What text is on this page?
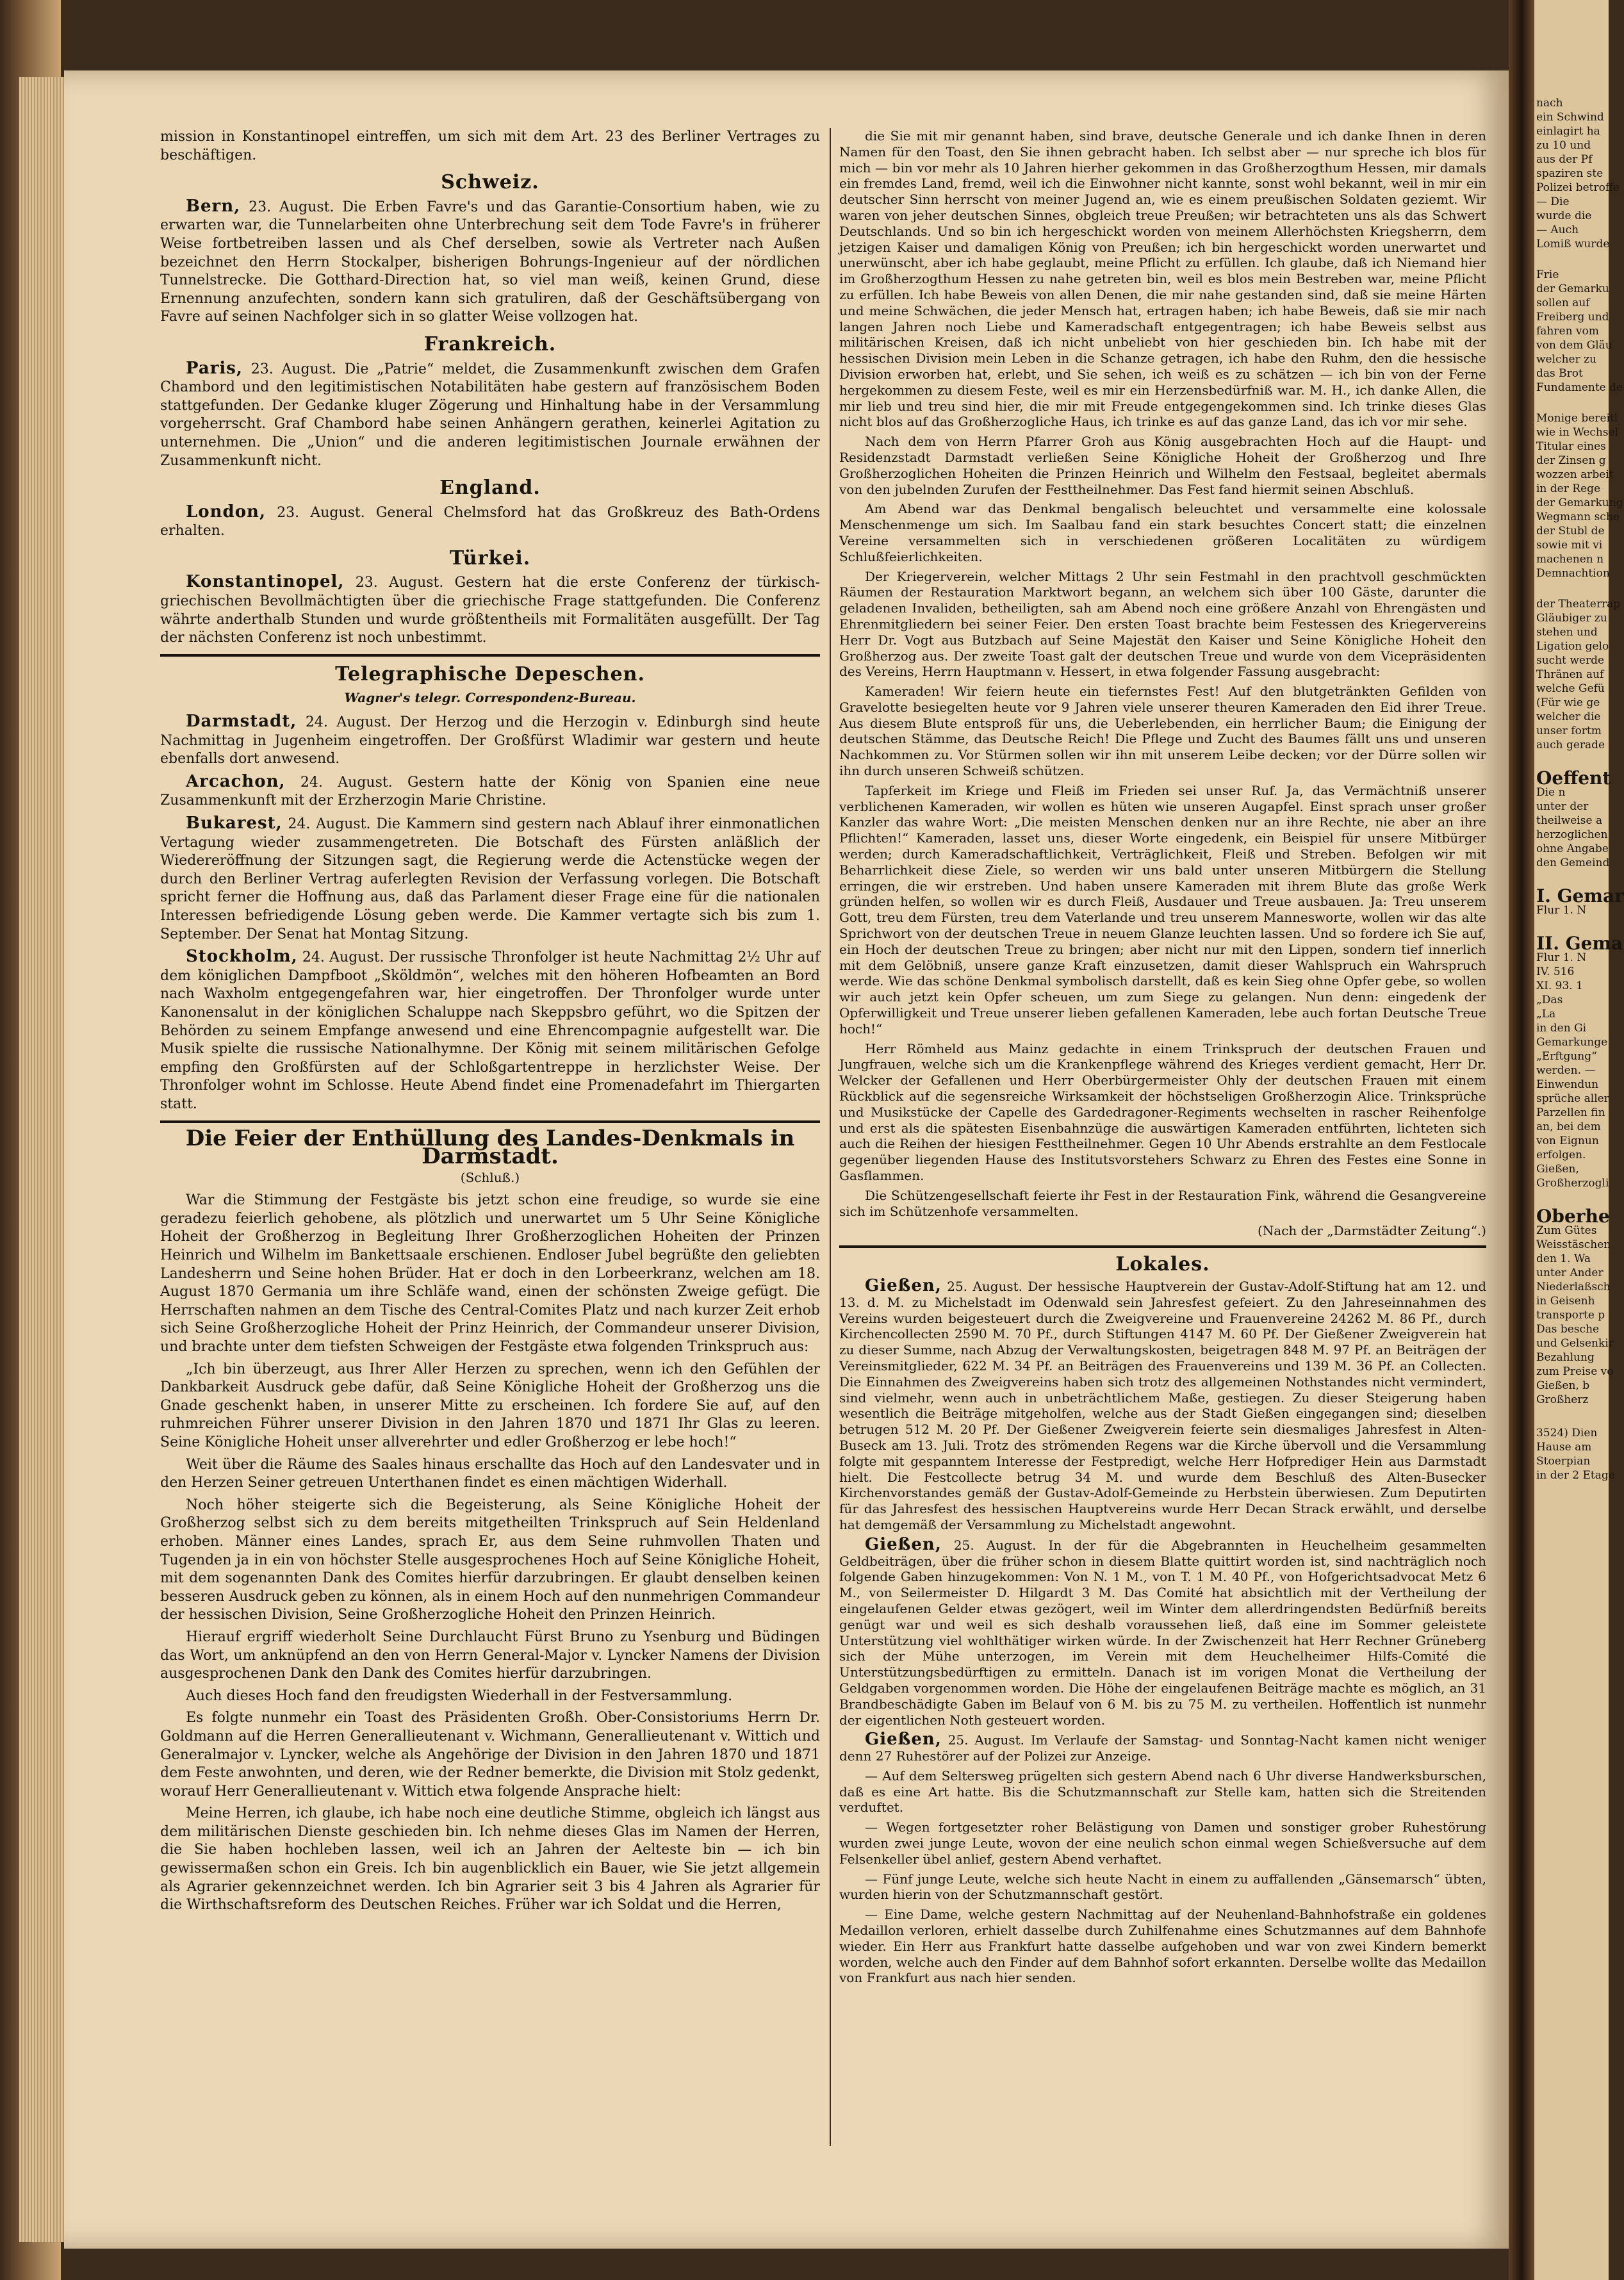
mission in Konstantinopel eintreffen, um sich mit dem Art. 23 des Berliner Vertrages zu beschäftigen.

Schweiz.

Bern, 23. August. Die Erben Favre's und das Garantie-Consortium haben, wie zu erwarten war, die Tunnelarbeiten ohne Unterbrechung seit dem Tode Favre's in früherer Weise fortbetreiben lassen und als Chef derselben, sowie als Vertreter nach Außen bezeichnet den Herrn Stockalper, bisherigen Bohrungs-Ingenieur auf der nördlichen Tunnelstrecke. Die Gotthard-Direction hat, so viel man weiß, keinen Grund, diese Ernennung anzufechten, sondern kann sich gratuliren, daß der Geschäftsübergang von Favre auf seinen Nachfolger sich in so glatter Weise vollzogen hat.

Frankreich.

Paris, 23. August. Die „Patrie“ meldet, die Zusammenkunft zwischen dem Grafen Chambord und den legitimistischen Notabilitäten habe gestern auf französischem Boden stattgefunden. Der Gedanke kluger Zögerung und Hinhaltung habe in der Versammlung vorgeherrscht. Graf Chambord habe seinen Anhängern gerathen, keinerlei Agitation zu unternehmen. Die „Union“ und die anderen legitimistischen Journale erwähnen der Zusammenkunft nicht.

England.

London, 23. August. General Chelmsford hat das Großkreuz des Bath-Ordens erhalten.

Türkei.

Konstantinopel, 23. August. Gestern hat die erste Conferenz der türkisch-griechischen Bevollmächtigten über die griechische Frage stattgefunden. Die Conferenz währte anderthalb Stunden und wurde größtentheils mit Formalitäten ausgefüllt. Der Tag der nächsten Conferenz ist noch unbestimmt.

Telegraphische Depeschen.
Wagner's telegr. Correspondenz-Bureau.

Darmstadt, 24. August. Der Herzog und die Herzogin v. Edinburgh sind heute Nachmittag in Jugenheim eingetroffen. Der Großfürst Wladimir war gestern und heute ebenfalls dort anwesend.

Arcachon, 24. August. Gestern hatte der König von Spanien eine neue Zusammenkunft mit der Erzherzogin Marie Christine.

Bukarest, 24. August. Die Kammern sind gestern nach Ablauf ihrer einmonatlichen Vertagung wieder zusammengetreten. Die Botschaft des Fürsten anläßlich der Wiedereröffnung der Sitzungen sagt, die Regierung werde die Actenstücke wegen der durch den Berliner Vertrag auferlegten Revision der Verfassung vorlegen. Die Botschaft spricht ferner die Hoffnung aus, daß das Parlament dieser Frage eine für die nationalen Interessen befriedigende Lösung geben werde. Die Kammer vertagte sich bis zum 1. September. Der Senat hat Montag Sitzung.

Stockholm, 24. August. Der russische Thronfolger ist heute Nachmittag 2½ Uhr auf dem königlichen Dampfboot „Sköldmön“, welches mit den höheren Hofbeamten an Bord nach Waxholm entgegengefahren war, hier eingetroffen. Der Thronfolger wurde unter Kanonensalut in der königlichen Schaluppe nach Skeppsbro geführt, wo die Spitzen der Behörden zu seinem Empfange anwesend und eine Ehrencompagnie aufgestellt war. Die Musik spielte die russische Nationalhymne. Der König mit seinem militärischen Gefolge empfing den Großfürsten auf der Schloßgartentreppe in herzlichster Weise. Der Thronfolger wohnt im Schlosse. Heute Abend findet eine Promenadefahrt im Thiergarten statt.

Die Feier der Enthüllung des Landes-Denkmals in Darmstadt.
(Schluß.)

War die Stimmung der Festgäste bis jetzt schon eine freudige, so wurde sie eine geradezu feierlich gehobene, als plötzlich und unerwartet um 5 Uhr Seine Königliche Hoheit der Großherzog in Begleitung Ihrer Großherzoglichen Hoheiten der Prinzen Heinrich und Wilhelm im Bankettsaale erschienen. Endloser Jubel begrüßte den geliebten Landesherrn und Seine hohen Brüder. Hat er doch in den Lorbeerkranz, welchen am 18. August 1870 Germania um ihre Schläfe wand, einen der schönsten Zweige gefügt. Die Herrschaften nahmen an dem Tische des Central-Comites Platz und nach kurzer Zeit erhob sich Seine Großherzogliche Hoheit der Prinz Heinrich, der Commandeur unserer Division, und brachte unter dem tiefsten Schweigen der Festgäste etwa folgenden Trinkspruch aus:

„Ich bin überzeugt, aus Ihrer Aller Herzen zu sprechen, wenn ich den Gefühlen der Dankbarkeit Ausdruck gebe dafür, daß Seine Königliche Hoheit der Großherzog uns die Gnade geschenkt haben, in unserer Mitte zu erscheinen. Ich fordere Sie auf, auf den ruhmreichen Führer unserer Division in den Jahren 1870 und 1871 Ihr Glas zu leeren. Seine Königliche Hoheit unser allverehrter und edler Großherzog er lebe hoch!“

Weit über die Räume des Saales hinaus erschallte das Hoch auf den Landesvater und in den Herzen Seiner getreuen Unterthanen findet es einen mächtigen Widerhall.

Noch höher steigerte sich die Begeisterung, als Seine Königliche Hoheit der Großherzog selbst sich zu dem bereits mitgetheilten Trinkspruch auf Sein Heldenland erhoben. Männer eines Landes, sprach Er, aus dem Seine ruhmvollen Thaten und Tugenden ja in ein von höchster Stelle ausgesprochenes Hoch auf Seine Königliche Hoheit, mit dem sogenannten Dank des Comites hierfür darzubringen. Er glaubt denselben keinen besseren Ausdruck geben zu können, als in einem Hoch auf den nunmehrigen Commandeur der hessischen Division, Seine Großherzogliche Hoheit den Prinzen Heinrich.

Hierauf ergriff wiederholt Seine Durchlaucht Fürst Bruno zu Ysenburg und Büdingen das Wort, um anknüpfend an den von Herrn General-Major v. Lyncker Namens der Division ausgesprochenen Dank den Dank des Comites hierfür darzubringen.

Auch dieses Hoch fand den freudigsten Wiederhall in der Festversammlung.

Es folgte nunmehr ein Toast des Präsidenten Großh. Ober-Consistoriums Herrn Dr. Goldmann auf die Herren Generallieutenant v. Wichmann, Generallieutenant v. Wittich und Generalmajor v. Lyncker, welche als Angehörige der Division in den Jahren 1870 und 1871 dem Feste anwohnten, und deren, wie der Redner bemerkte, die Division mit Stolz gedenkt, worauf Herr Generallieutenant v. Wittich etwa folgende Ansprache hielt:

Meine Herren, ich glaube, ich habe noch eine deutliche Stimme, obgleich ich längst aus dem militärischen Dienste geschieden bin. Ich nehme dieses Glas im Namen der Herren, die Sie haben hochleben lassen, weil ich an Jahren der Aelteste bin — ich bin gewissermaßen schon ein Greis. Ich bin augenblicklich ein Bauer, wie Sie jetzt allgemein als Agrarier gekennzeichnet werden. Ich bin Agrarier seit 3 bis 4 Jahren als Agrarier für die Wirthschaftsreform des Deutschen Reiches. Früher war ich Soldat und die Herren,

die Sie mit mir genannt haben, sind brave, deutsche Generale und ich danke Ihnen in deren Namen für den Toast, den Sie ihnen gebracht haben. Ich selbst aber — nur spreche ich blos für mich — bin vor mehr als 10 Jahren hierher gekommen in das Großherzogthum Hessen, mir damals ein fremdes Land, fremd, weil ich die Einwohner nicht kannte, sonst wohl bekannt, weil in mir ein deutscher Sinn herrscht von meiner Jugend an, wie es einem preußischen Soldaten geziemt. Wir waren von jeher deutschen Sinnes, obgleich treue Preußen; wir betrachteten uns als das Schwert Deutschlands. Und so bin ich hergeschickt worden von meinem Allerhöchsten Kriegsherrn, dem jetzigen Kaiser und damaligen König von Preußen; ich bin hergeschickt worden unerwartet und unerwünscht, aber ich habe geglaubt, meine Pflicht zu erfüllen. Ich glaube, daß ich Niemand hier im Großherzogthum Hessen zu nahe getreten bin, weil es blos mein Bestreben war, meine Pflicht zu erfüllen. Ich habe Beweis von allen Denen, die mir nahe gestanden sind, daß sie meine Härten und meine Schwächen, die jeder Mensch hat, ertragen haben; ich habe Beweis, daß sie mir nach langen Jahren noch Liebe und Kameradschaft entgegentragen; ich habe Beweis selbst aus militärischen Kreisen, daß ich nicht unbeliebt von hier geschieden bin. Ich habe mit der hessischen Division mein Leben in die Schanze getragen, ich habe den Ruhm, den die hessische Division erworben hat, erlebt, und Sie sehen, ich weiß es zu schätzen — ich bin von der Ferne hergekommen zu diesem Feste, weil es mir ein Herzensbedürfniß war. M. H., ich danke Allen, die mir lieb und treu sind hier, die mir mit Freude entgegengekommen sind. Ich trinke dieses Glas nicht blos auf das Großherzogliche Haus, ich trinke es auf das ganze Land, das ich vor mir sehe.

Nach dem von Herrn Pfarrer Groh aus König ausgebrachten Hoch auf die Haupt- und Residenzstadt Darmstadt verließen Seine Königliche Hoheit der Großherzog und Ihre Großherzoglichen Hoheiten die Prinzen Heinrich und Wilhelm den Festsaal, begleitet abermals von den jubelnden Zurufen der Festtheilnehmer. Das Fest fand hiermit seinen Abschluß.

Am Abend war das Denkmal bengalisch beleuchtet und versammelte eine kolossale Menschenmenge um sich. Im Saalbau fand ein stark besuchtes Concert statt; die einzelnen Vereine versammelten sich in verschiedenen größeren Localitäten zu würdigem Schlußfeierlichkeiten.

Der Kriegerverein, welcher Mittags 2 Uhr sein Festmahl in den prachtvoll geschmückten Räumen der Restauration Marktwort begann, an welchem sich über 100 Gäste, darunter die geladenen Invaliden, betheiligten, sah am Abend noch eine größere Anzahl von Ehrengästen und Ehrenmitgliedern bei seiner Feier. Den ersten Toast brachte beim Festessen des Kriegervereins Herr Dr. Vogt aus Butzbach auf Seine Majestät den Kaiser und Seine Königliche Hoheit den Großherzog aus. Der zweite Toast galt der deutschen Treue und wurde von dem Vicepräsidenten des Vereins, Herrn Hauptmann v. Hessert, in etwa folgender Fassung ausgebracht:

Kameraden! Wir feiern heute ein tiefernstes Fest! Auf den blutgetränkten Gefilden von Gravelotte besiegelten heute vor 9 Jahren viele unserer theuren Kameraden den Eid ihrer Treue. Aus diesem Blute entsproß für uns, die Ueberlebenden, ein herrlicher Baum; die Einigung der deutschen Stämme, das Deutsche Reich! Die Pflege und Zucht des Baumes fällt uns und unseren Nachkommen zu. Vor Stürmen sollen wir ihn mit unserem Leibe decken; vor der Dürre sollen wir ihn durch unseren Schweiß schützen.

Tapferkeit im Kriege und Fleiß im Frieden sei unser Ruf. Ja, das Vermächtniß unserer verblichenen Kameraden, wir wollen es hüten wie unseren Augapfel. Einst sprach unser großer Kanzler das wahre Wort: „Die meisten Menschen denken nur an ihre Rechte, nie aber an ihre Pflichten!“ Kameraden, lasset uns, dieser Worte eingedenk, ein Beispiel für unsere Mitbürger werden; durch Kameradschaftlichkeit, Verträglichkeit, Fleiß und Streben. Befolgen wir mit Beharrlichkeit diese Ziele, so werden wir uns bald unter unseren Mitbürgern die Stellung erringen, die wir erstreben. Und haben unsere Kameraden mit ihrem Blute das große Werk gründen helfen, so wollen wir es durch Fleiß, Ausdauer und Treue ausbauen. Ja: Treu unserem Gott, treu dem Fürsten, treu dem Vaterlande und treu unserem Mannesworte, wollen wir das alte Sprichwort von der deutschen Treue in neuem Glanze leuchten lassen. Und so fordere ich Sie auf, ein Hoch der deutschen Treue zu bringen; aber nicht nur mit den Lippen, sondern tief innerlich mit dem Gelöbniß, unsere ganze Kraft einzusetzen, damit dieser Wahlspruch ein Wahrspruch werde. Wie das schöne Denkmal symbolisch darstellt, daß es kein Sieg ohne Opfer gebe, so wollen wir auch jetzt kein Opfer scheuen, um zum Siege zu gelangen. Nun denn: eingedenk der Opferwilligkeit und Treue unserer lieben gefallenen Kameraden, lebe auch fortan Deutsche Treue hoch!“

Herr Römheld aus Mainz gedachte in einem Trinkspruch der deutschen Frauen und Jungfrauen, welche sich um die Krankenpflege während des Krieges verdient gemacht, Herr Dr. Welcker der Gefallenen und Herr Oberbürgermeister Ohly der deutschen Frauen mit einem Rückblick auf die segensreiche Wirksamkeit der höchstseligen Großherzogin Alice. Trinksprüche und Musikstücke der Capelle des Gardedragoner-Regiments wechselten in rascher Reihenfolge und erst als die spätesten Eisenbahnzüge die auswärtigen Kameraden entführten, lichteten sich auch die Reihen der hiesigen Festtheilnehmer. Gegen 10 Uhr Abends erstrahlte an dem Festlocale gegenüber liegenden Hause des Institutsvorstehers Schwarz zu Ehren des Festes eine Sonne in Gasflammen.

Die Schützengesellschaft feierte ihr Fest in der Restauration Fink, während die Gesangvereine sich im Schützenhofe versammelten.

(Nach der „Darmstädter Zeitung“.)

Lokales.

Gießen, 25. August. Der hessische Hauptverein der Gustav-Adolf-Stiftung hat am 12. und 13. d. M. zu Michelstadt im Odenwald sein Jahresfest gefeiert. Zu den Jahreseinnahmen des Vereins wurden beigesteuert durch die Zweigvereine und Frauenvereine 24262 M. 86 Pf., durch Kirchencollecten 2590 M. 70 Pf., durch Stiftungen 4147 M. 60 Pf. Der Gießener Zweigverein hat zu dieser Summe, nach Abzug der Verwaltungskosten, beigetragen 848 M. 97 Pf. an Beiträgen der Vereinsmitglieder, 622 M. 34 Pf. an Beiträgen des Frauenvereins und 139 M. 36 Pf. an Collecten. Die Einnahmen des Zweigvereins haben sich trotz des allgemeinen Nothstandes nicht vermindert, sind vielmehr, wenn auch in unbeträchtlichem Maße, gestiegen. Zu dieser Steigerung haben wesentlich die Beiträge mitgeholfen, welche aus der Stadt Gießen eingegangen sind; dieselben betrugen 512 M. 20 Pf. Der Gießener Zweigverein feierte sein diesmaliges Jahresfest in Alten-Buseck am 13. Juli. Trotz des strömenden Regens war die Kirche übervoll und die Versammlung folgte mit gespanntem Interesse der Festpredigt, welche Herr Hofprediger Hein aus Darmstadt hielt. Die Festcollecte betrug 34 M. und wurde dem Beschluß des Alten-Busecker Kirchenvorstandes gemäß der Gustav-Adolf-Gemeinde zu Herbstein überwiesen. Zum Deputirten für das Jahresfest des hessischen Hauptvereins wurde Herr Decan Strack erwählt, und derselbe hat demgemäß der Versammlung zu Michelstadt angewohnt.

Gießen, 25. August. In der für die Abgebrannten in Heuchelheim gesammelten Geldbeiträgen, über die früher schon in diesem Blatte quittirt worden ist, sind nachträglich noch folgende Gaben hinzugekommen: Von N. 1 M., von T. 1 M. 40 Pf., von Hofgerichtsadvocat Metz 6 M., von Seilermeister D. Hilgardt 3 M. Das Comité hat absichtlich mit der Vertheilung der eingelaufenen Gelder etwas gezögert, weil im Winter dem allerdringendsten Bedürfniß bereits genügt war und weil es sich deshalb voraussehen ließ, daß eine im Sommer geleistete Unterstützung viel wohlthätiger wirken würde. In der Zwischenzeit hat Herr Rechner Grüneberg sich der Mühe unterzogen, im Verein mit dem Heuchelheimer Hilfs-Comité die Unterstützungsbedürftigen zu ermitteln. Danach ist im vorigen Monat die Vertheilung der Geldgaben vorgenommen worden. Die Höhe der eingelaufenen Beiträge machte es möglich, an 31 Brandbeschädigte Gaben im Belauf von 6 M. bis zu 75 M. zu vertheilen. Hoffentlich ist nunmehr der eigentlichen Noth gesteuert worden.

Gießen, 25. August. Im Verlaufe der Samstag- und Sonntag-Nacht kamen nicht weniger denn 27 Ruhestörer auf der Polizei zur Anzeige.

— Auf dem Seltersweg prügelten sich gestern Abend nach 6 Uhr diverse Handwerksburschen, daß es eine Art hatte. Bis die Schutzmannschaft zur Stelle kam, hatten sich die Streitenden verduftet.

— Wegen fortgesetzter roher Belästigung von Damen und sonstiger grober Ruhestörung wurden zwei junge Leute, wovon der eine neulich schon einmal wegen Schießversuche auf dem Felsenkeller übel anlief, gestern Abend verhaftet.

— Fünf junge Leute, welche sich heute Nacht in einem zu auffallenden „Gänsemarsch“ übten, wurden hierin von der Schutzmannschaft gestört.

— Eine Dame, welche gestern Nachmittag auf der Neuhenland-Bahnhofstraße ein goldenes Medaillon verloren, erhielt dasselbe durch Zuhilfenahme eines Schutzmannes auf dem Bahnhofe wieder. Ein Herr aus Frankfurt hatte dasselbe aufgehoben und war von zwei Kindern bemerkt worden, welche auch den Finder auf dem Bahnhof sofort erkannten. Derselbe wollte das Medaillon von Frankfurt aus nach hier senden.

nach
ein Schwind
einlagirt ha
zu 10 und
aus der Pf
spaziren ste
Polizei betroffe
— Die
wurde die
— Auch
Lomiß wurde
Frie
der Gemarku
sollen auf
Freiberg und
fahren vom
von dem Gläu
welcher zu
das Brot
Fundamente de
Monige bereitl
wie in Wechsel
Titular eines
der Zinsen g
wozzen arbeit
in der Rege
der Gemarkung
Wegmann sche
der Stubl de
sowie mit vi
machenen n
Demnachtion
der Theaterrap
Gläubiger zu
stehen und
Ligation gelo
sucht werde
Thränen auf
welche Gefü
(Für wie ge
welcher die
unser fortm
auch gerade
Oeffent
Die n
unter der
theilweise a
herzoglichen
ohne Angabe
den Gemeind
I. Gemar
Flur 1. N
II. Gema
Flur 1. N
IV. 516
XI. 93. 1
„Das
„La
in den Gi
Gemarkunge
„Erftgung“
werden. —
Einwendun
sprüche aller
Parzellen fin
an, bei dem
von Eignun
erfolgen.
Gießen,
Großherzogli
Oberhe
Zum Gütes
Weisstäschen
den 1. Wa
unter Ander
Niederlaßsch
in Geisenh
transporte p
Das besche
und Gelsenkir
Bezahlung
zum Preise vo
Gießen, b
Großherz
3524) Dien
Hause am
Stoerpian
in der 2 Etage
